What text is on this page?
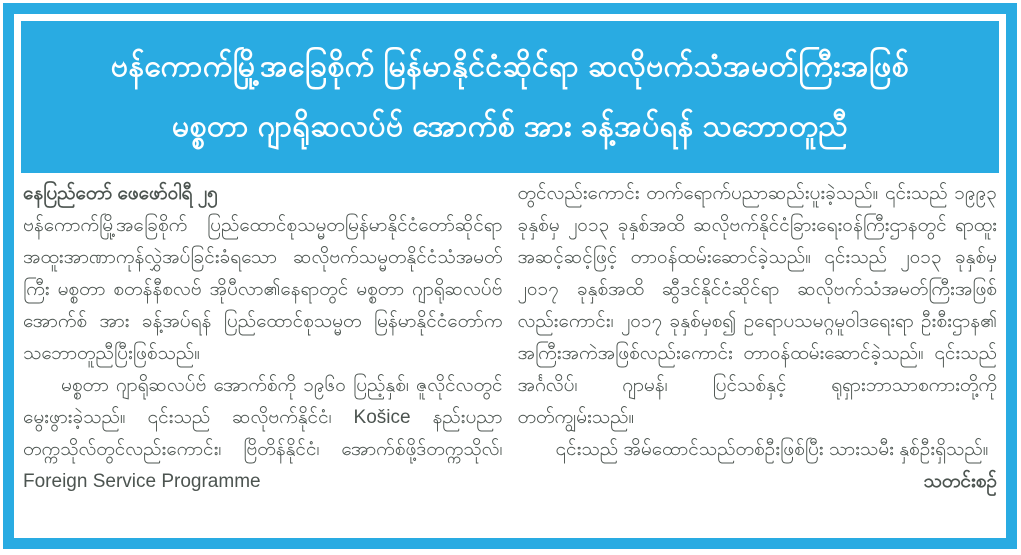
ဗန်ကောက်မြို့အခြေစိုက် မြန်မာနိုင်ငံဆိုင်ရာ ဆလိုဗက်သံအမတ်ကြီးအဖြစ်
မစ္စတာ ဂျာရိုဆလပ်ဗ် အောက်စ် အား ခန့်အပ်ရန် သဘောတူညီ

နေပြည်တော် ဖေဖော်ဝါရီ ၂၅

ဗန်ကောက်မြို့အခြေစိုက် ပြည်ထောင်စုသမ္မတမြန်မာနိုင်ငံတော်ဆိုင်ရာ အထူးအာဏာကုန်လွှဲအပ်ခြင်းခံရသော ဆလိုဗက်သမ္မတနိုင်ငံသံအမတ်ကြီး မစ္စတာ စတန်နီစလဗ် အိုပီလာ၏နေရာတွင် မစ္စတာ ဂျာရိုဆလပ်ဗ် အောက်စ် အား ခန့်အပ်ရန် ပြည်ထောင်စုသမ္မတ မြန်မာနိုင်ငံတော်က သဘောတူညီပြီးဖြစ်သည်။

မစ္စတာ ဂျာရိုဆလပ်ဗ် အောက်စ်ကို ၁၉၆၀ ပြည့်နှစ်၊ ဇူလိုင်လတွင် မွေးဖွားခဲ့သည်။ ၎င်းသည် ဆလိုဗက်နိုင်ငံ၊ Košice နည်းပညာတက္ကသိုလ်တွင်လည်းကောင်း၊ ဗြိတိန်နိုင်ငံ၊ အောက်စ်ဖို့ဒ်တက္ကသိုလ်၊ Foreign Service Programme

တွင်လည်းကောင်း တက်ရောက်ပညာဆည်းပူးခဲ့သည်။ ၎င်းသည် ၁၉၉၃ ခုနှစ်မှ ၂၀၁၃ ခုနှစ်အထိ ဆလိုဗက်နိုင်ငံခြားရေးဝန်ကြီးဌာနတွင် ရာထူးအဆင့်ဆင့်ဖြင့် တာဝန်ထမ်းဆောင်ခဲ့သည်။ ၎င်းသည် ၂၀၁၃ ခုနှစ်မှ ၂၀၁၇ ခုနှစ်အထိ ဆွီဒင်နိုင်ငံဆိုင်ရာ ဆလိုဗက်သံအမတ်ကြီးအဖြစ်လည်းကောင်း၊ ၂၀၁၇ ခုနှစ်မှစ၍ ဥရောပသမဂ္ဂမူဝါဒရေးရာ ဦးစီးဌာန၏ အကြီးအကဲအဖြစ်လည်းကောင်း တာဝန်ထမ်းဆောင်ခဲ့သည်။ ၎င်းသည် အင်္ဂလိပ်၊ ဂျာမန်၊ ပြင်သစ်နှင့် ရုရှားဘာသာစကားတို့ကို တတ်ကျွမ်းသည်။

၎င်းသည် အိမ်ထောင်သည်တစ်ဦးဖြစ်ပြီး သားသမီး နှစ်ဦးရှိသည်။
သတင်းစဉ်
